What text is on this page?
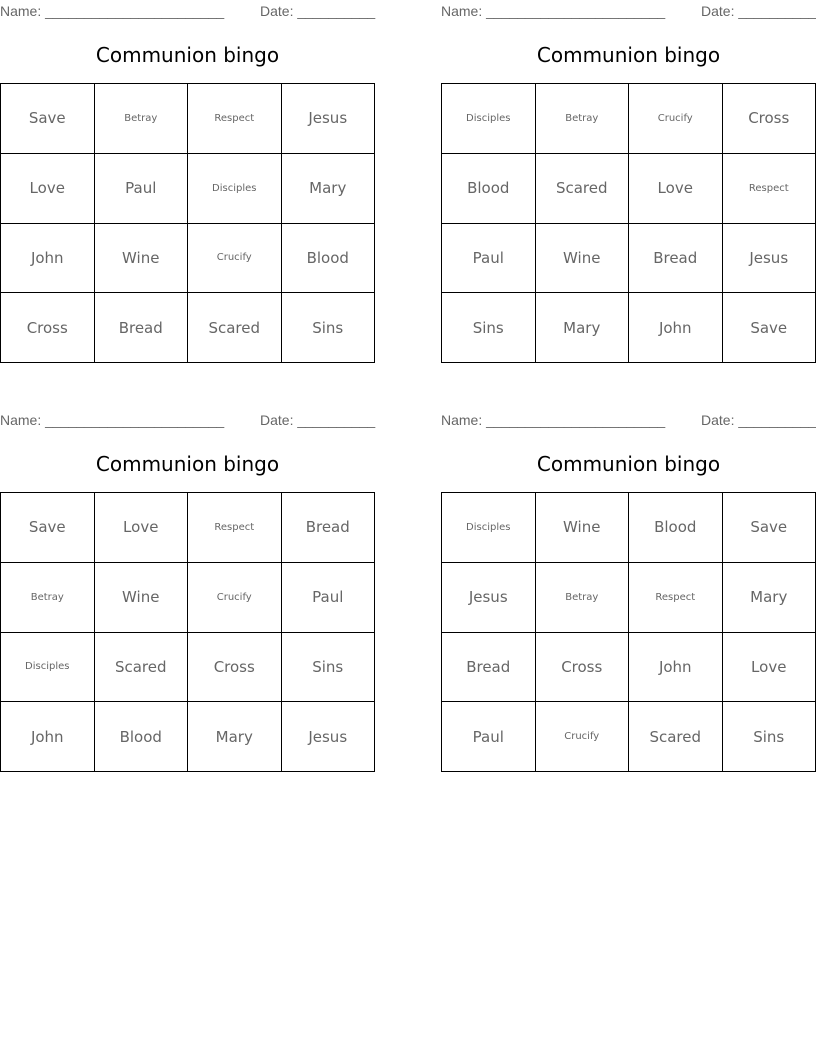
Name: _______________________	Date: __________
Communion bingo
Save	Betray	Respect	Jesus
Love	Paul	Disciples	Mary
John	Wine	Crucify	Blood
Cross	Bread	Scared	Sins
Name: _______________________	Date: __________
Communion bingo
Disciples	Betray	Crucify	Cross
Blood	Scared	Love	Respect
Paul	Wine	Bread	Jesus
Sins	Mary	John	Save
Name: _______________________	Date: __________
Communion bingo
Save	Love	Respect	Bread
Betray	Wine	Crucify	Paul
Disciples	Scared	Cross	Sins
John	Blood	Mary	Jesus
Name: _______________________	Date: __________
Communion bingo
Disciples	Wine	Blood	Save
Jesus	Betray	Respect	Mary
Bread	Cross	John	Love
Paul	Crucify	Scared	Sins
